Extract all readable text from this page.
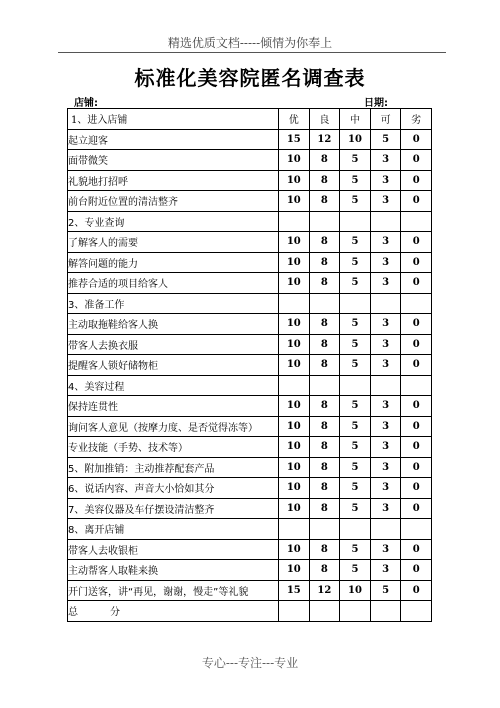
精选优质文档-----倾情为你奉上
标准化美容院匿名调查表
店铺:	日期:
1、进入店铺	优	良	中	可	劣
起立迎客	15	12	10	5	0
面带微笑	10	8	5	3	0
礼貌地打招呼	10	8	5	3	0
前台附近位置的清洁整齐	10	8	5	3	0
2、专业查询					
了解客人的需要	10	8	5	3	0
解答问题的能力	10	8	5	3	0
推荐合适的项目给客人	10	8	5	3	0
3、准备工作					
主动取拖鞋给客人换	10	8	5	3	0
带客人去换衣服	10	8	5	3	0
提醒客人锁好储物柜	10	8	5	3	0
4、美容过程					
保持连贯性	10	8	5	3	0
询问客人意见（按摩力度、是否觉得冻等）	10	8	5	3	0
专业技能（手势、技术等）	10	8	5	3	0
5、附加推销：主动推荐配套产品	10	8	5	3	0
6、说话内容、声音大小恰如其分	10	8	5	3	0
7、美容仪器及车仔摆设清洁整齐	10	8	5	3	0
8、离开店铺					
带客人去收银柜	10	8	5	3	0
主动帮客人取鞋来换	10	8	5	3	0
开门送客，讲“再见，谢谢，慢走”等礼貌	15	12	10	5	0
总 分					
专心---专注---专业
